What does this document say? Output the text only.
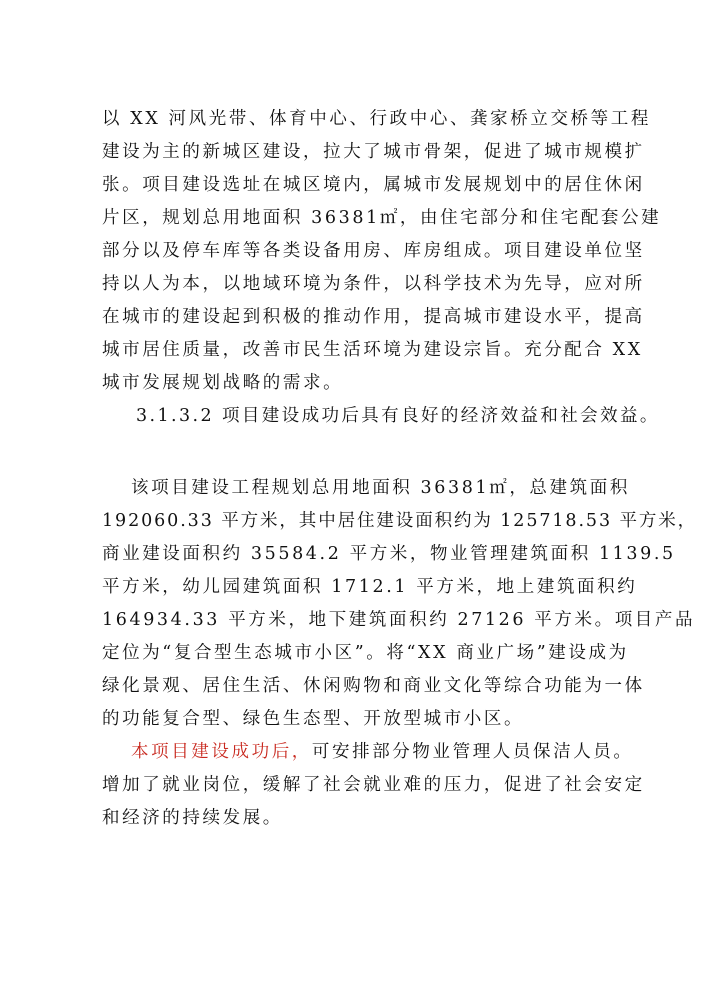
以 XX 河风光带、体育中心、行政中心、龚家桥立交桥等工程
建设为主的新城区建设，拉大了城市骨架，促进了城市规模扩
张。项目建设选址在城区境内，属城市发展规划中的居住休闲
片区，规划总用地面积 36381㎡，由住宅部分和住宅配套公建
部分以及停车库等各类设备用房、库房组成。项目建设单位坚
持以人为本，以地域环境为条件，以科学技术为先导，应对所
在城市的建设起到积极的推动作用，提高城市建设水平，提高
城市居住质量，改善市民生活环境为建设宗旨。充分配合 XX
城市发展规划战略的需求。
3.1.3.2 项目建设成功后具有良好的经济效益和社会效益。
该项目建设工程规划总用地面积 36381㎡，总建筑面积
192060.33 平方米，其中居住建设面积约为 125718.53 平方米，
商业建设面积约 35584.2 平方米，物业管理建筑面积 1139.5
平方米，幼儿园建筑面积 1712.1 平方米，地上建筑面积约
164934.33 平方米，地下建筑面积约 27126 平方米。项目产品
定位为“复合型生态城市小区”。将“XX 商业广场”建设成为
绿化景观、居住生活、休闲购物和商业文化等综合功能为一体
的功能复合型、绿色生态型、开放型城市小区。
本项目建设成功后，可安排部分物业管理人员保洁人员。
增加了就业岗位，缓解了社会就业难的压力，促进了社会安定
和经济的持续发展。
